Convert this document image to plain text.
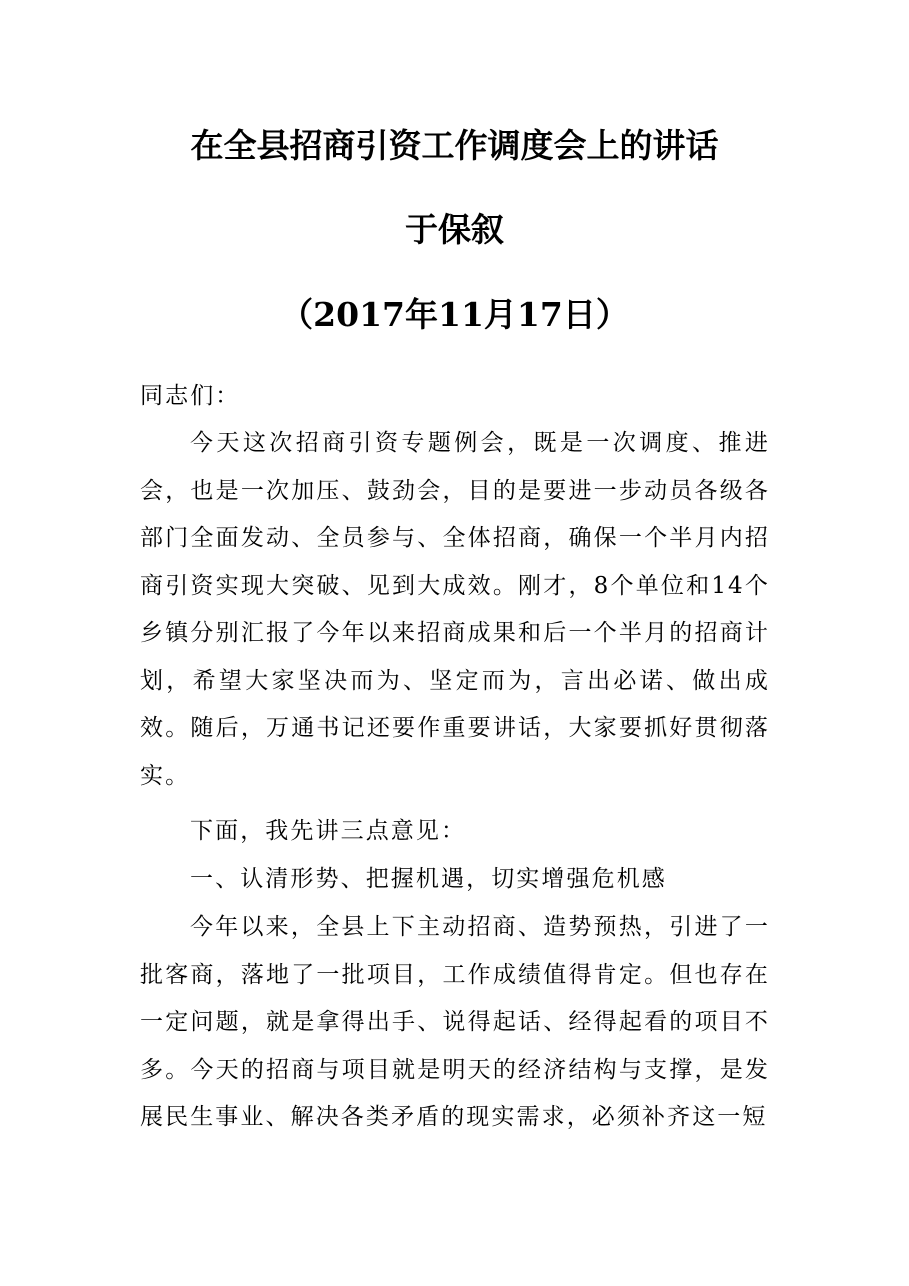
在全县招商引资工作调度会上的讲话
于保叙
（2017年11月17日）

同志们：

今天这次招商引资专题例会，既是一次调度、推进会，也是一次加压、鼓劲会，目的是要进一步动员各级各部门全面发动、全员参与、全体招商，确保一个半月内招商引资实现大突破、见到大成效。刚才，8个单位和14个乡镇分别汇报了今年以来招商成果和后一个半月的招商计划，希望大家坚决而为、坚定而为，言出必诺、做出成效。随后，万通书记还要作重要讲话，大家要抓好贯彻落实。

下面，我先讲三点意见：

一、认清形势、把握机遇，切实增强危机感

今年以来，全县上下主动招商、造势预热，引进了一批客商，落地了一批项目，工作成绩值得肯定。但也存在一定问题，就是拿得出手、说得起话、经得起看的项目不多。今天的招商与项目就是明天的经济结构与支撑，是发展民生事业、解决各类矛盾的现实需求，必须补齐这一短
